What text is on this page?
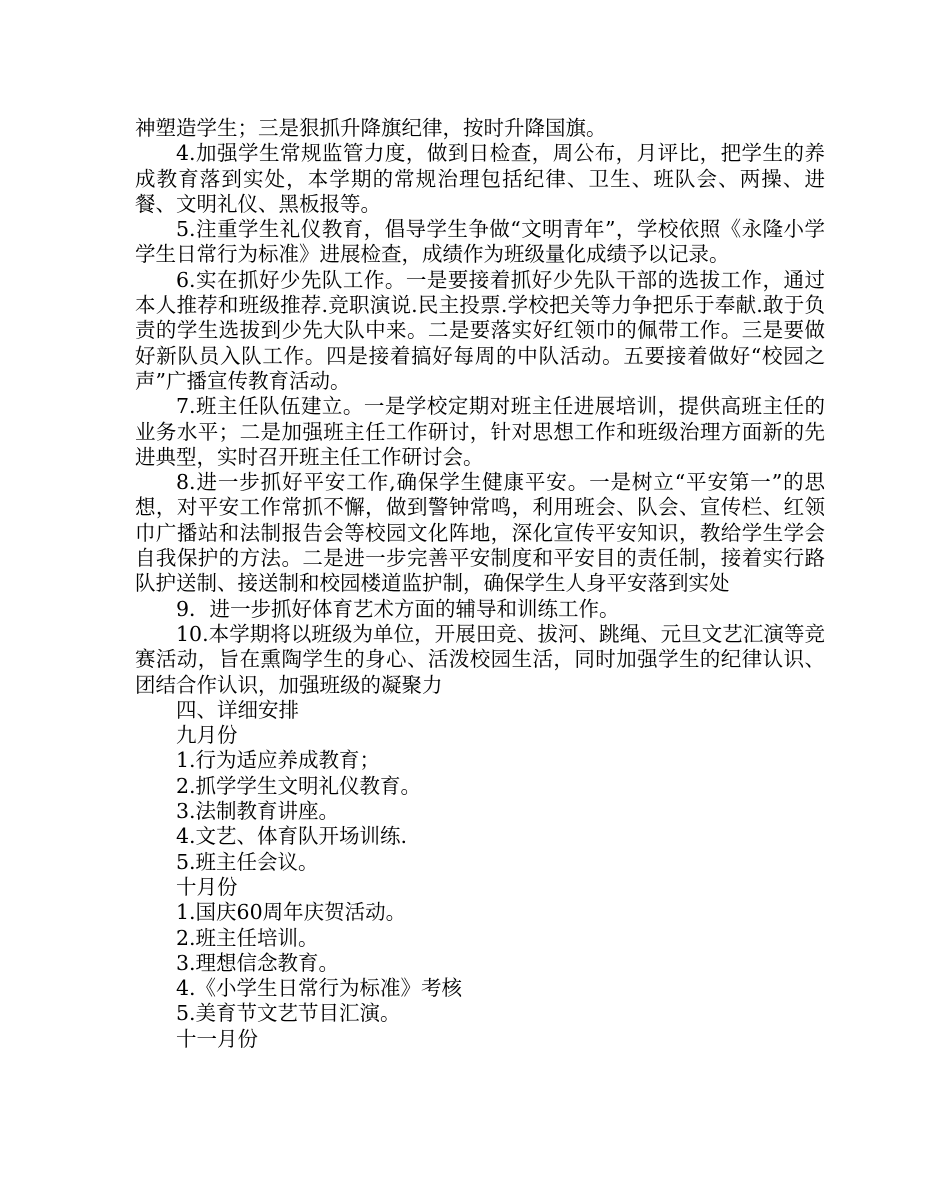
神塑造学生；三是狠抓升降旗纪律，按时升降国旗。

4.加强学生常规监管力度，做到日检查，周公布，月评比，把学生的养成教育落到实处，本学期的常规治理包括纪律、卫生、班队会、两操、进餐、文明礼仪、黑板报等。

5.注重学生礼仪教育，倡导学生争做“文明青年”，学校依照《永隆小学学生日常行为标准》进展检查，成绩作为班级量化成绩予以记录。

6.实在抓好少先队工作。一是要接着抓好少先队干部的选拔工作，通过本人推荐和班级推荐.竞职演说.民主投票.学校把关等力争把乐于奉献.敢于负责的学生选拔到少先大队中来。二是要落实好红领巾的佩带工作。三是要做好新队员入队工作。四是接着搞好每周的中队活动。五要接着做好“校园之声”广播宣传教育活动。

7.班主任队伍建立。一是学校定期对班主任进展培训，提供高班主任的业务水平；二是加强班主任工作研讨，针对思想工作和班级治理方面新的先进典型，实时召开班主任工作研讨会。

8.进一步抓好平安工作,确保学生健康平安。一是树立“平安第一”的思想，对平安工作常抓不懈，做到警钟常鸣，利用班会、队会、宣传栏、红领巾广播站和法制报告会等校园文化阵地，深化宣传平安知识，教给学生学会自我保护的方法。二是进一步完善平安制度和平安目的责任制，接着实行路队护送制、接送制和校园楼道监护制，确保学生人身平安落到实处

9．进一步抓好体育艺术方面的辅导和训练工作。

10.本学期将以班级为单位，开展田竞、拔河、跳绳、元旦文艺汇演等竞赛活动，旨在熏陶学生的身心、活泼校园生活，同时加强学生的纪律认识、团结合作认识，加强班级的凝聚力

四、详细安排

九月份

1.行为适应养成教育；

2.抓学学生文明礼仪教育。

3.法制教育讲座。

4.文艺、体育队开场训练.

5.班主任会议。

十月份

1.国庆60周年庆贺活动。

2.班主任培训。

3.理想信念教育。

4.《小学生日常行为标准》考核

5.美育节文艺节目汇演。

十一月份
